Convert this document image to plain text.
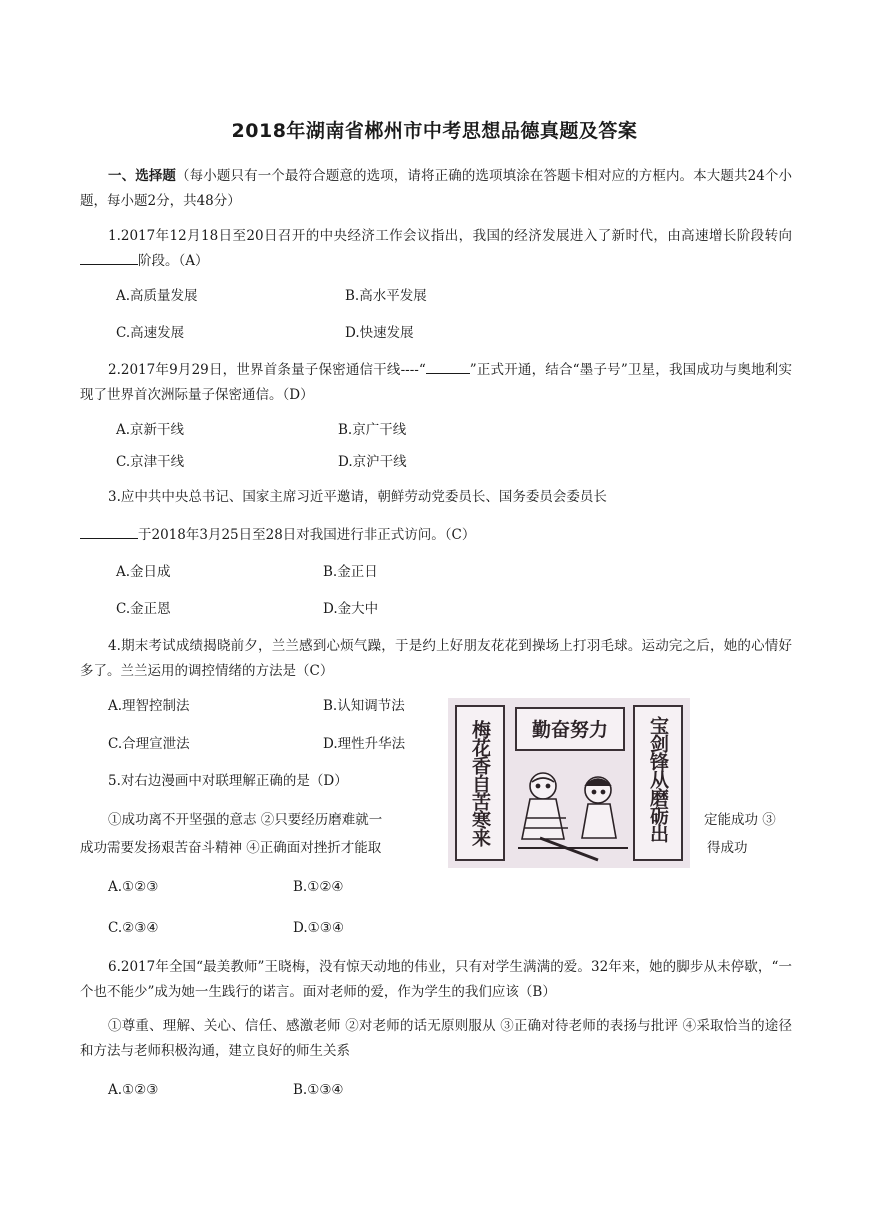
2018年湖南省郴州市中考思想品德真题及答案
一、选择题（每小题只有一个最符合题意的选项，请将正确的选项填涂在答题卡相对应的方框内。本大题共24个小题，每小题2分，共48分）
1.2017年12月18日至20日召开的中央经济工作会议指出，我国的经济发展进入了新时代，由高速增长阶段转向阶段。（A）
A.高质量发展	B.高水平发展
C.高速发展	D.快速发展
2.2017年9月29日，世界首条量子保密通信干线----“	”正式开通，结合“墨子号”卫星，我国成功与奥地利实现了世界首次洲际量子保密通信。（D）
A.京新干线	B.京广干线
C.京津干线	D.京沪干线
3.应中共中央总书记、国家主席习近平邀请，朝鲜劳动党委员长、国务委员会委员长
于2018年3月25日至28日对我国进行非正式访问。（C）
A.金日成	B.金正日
C.金正恩	D.金大中
4.期末考试成绩揭晓前夕，兰兰感到心烦气躁，于是约上好朋友花花到操场上打羽毛球。运动完之后，她的心情好多了。兰兰运用的调控情绪的方法是（C）
A.理智控制法	B.认知调节法
C.合理宣泄法	D.理性升华法
5.对右边漫画中对联理解正确的是（D）
①成功离不开坚强的意志 ②只要经历磨难就一	定能成功 ③
成功需要发扬艰苦奋斗精神 ④正确面对挫折才能取	得成功
勤奋努力
梅花香自苦寒来	宝剑锋从磨砺出
A.①②③	B.①②④
C.②③④	D.①③④
6.2017年全国“最美教师”王晓梅，没有惊天动地的伟业，只有对学生满满的爱。32年来，她的脚步从未停歇，“一个也不能少”成为她一生践行的诺言。面对老师的爱，作为学生的我们应该（B）
①尊重、理解、关心、信任、感激老师 ②对老师的话无原则服从 ③正确对待老师的表扬与批评 ④采取恰当的途径和方法与老师积极沟通，建立良好的师生关系
A.①②③	B.①③④
